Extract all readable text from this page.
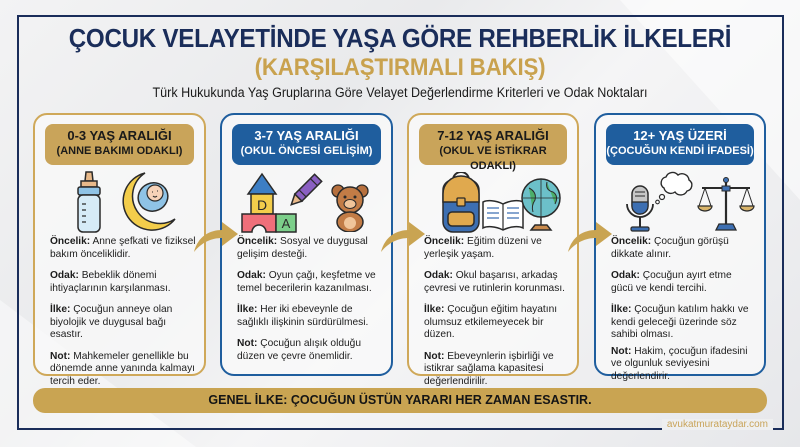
ÇOCUK VELAYETİNDE YAŞA GÖRE REHBERLİK İLKELERİ
(KARŞILAŞTIRMALI BAKIŞ)
Türk Hukukunda Yaş Gruplarına Göre Velayet Değerlendirme Kriterleri ve Odak Noktaları
0-3 YAŞ ARALIĞI
(ANNE BAKIMI ODAKLI)

Öncelik: Anne şefkati ve fiziksel bakım önceliklidir.

Odak: Bebeklik dönemi ihtiyaçlarının karşılanması.

İlke: Çocuğun anneye olan biyolojik ve duygusal bağı esastır.

Not: Mahkemeler genellikle bu dönemde anne yanında kalmayı tercih eder.

3-7 YAŞ ARALIĞI
(OKUL ÖNCESİ GELİŞİM)
D
A

Öncelik: Sosyal ve duygusal gelişim desteği.

Odak: Oyun çağı, keşfetme ve temel becerilerin kazanılması.

İlke: Her iki ebeveynle de sağlıklı ilişkinin sürdürülmesi.

Not: Çocuğun alışık olduğu düzen ve çevre önemlidir.

7-12 YAŞ ARALIĞI
(OKUL VE İSTİKRAR ODAKLI)

Öncelik: Eğitim düzeni ve yerleşik yaşam.

Odak: Okul başarısı, arkadaş çevresi ve rutinlerin korunması.

İlke: Çocuğun eğitim hayatını olumsuz etkilemeyecek bir düzen.

Not: Ebeveynlerin işbirliği ve istikrar sağlama kapasitesi değerlendirilir.

12+ YAŞ ÜZERİ
(ÇOCUĞUN KENDİ İFADESİ)

Öncelik: Çocuğun görüşü dikkate alınır.

Odak: Çocuğun ayırt etme gücü ve kendi tercihi.

İlke: Çocuğun katılım hakkı ve kendi geleceği üzerinde söz sahibi olması.

Not: Hakim, çocuğun ifadesini ve olgunluk seviyesini değerlendirir.

GENEL İLKE: ÇOCUĞUN ÜSTÜN YARARI HER ZAMAN ESASTIR.
avukatmurataydar.com
